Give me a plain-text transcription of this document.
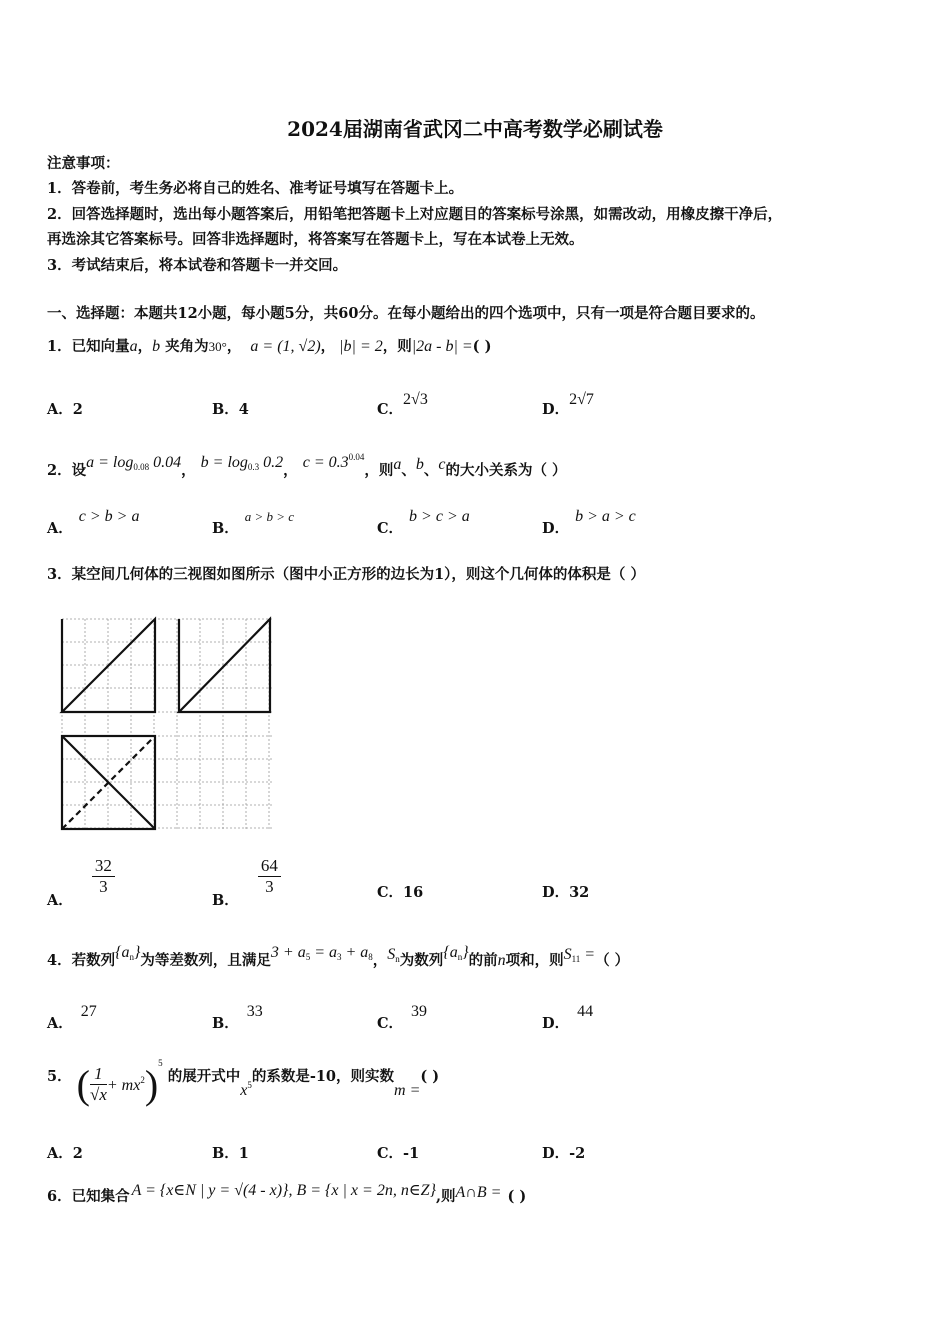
2024届湖南省武冈二中高考数学必刷试卷
注意事项：
1．答卷前，考生务必将自己的姓名、准考证号填写在答题卡上。
2．回答选择题时，选出每小题答案后，用铅笔把答题卡上对应题目的答案标号涂黑，如需改动，用橡皮擦干净后，
再选涂其它答案标号。回答非选择题时，将答案写在答题卡上，写在本试卷上无效。
3．考试结束后，将本试卷和答题卡一并交回。
一、选择题：本题共12小题，每小题5分，共60分。在每小题给出的四个选项中，只有一项是符合题目要求的。
1．已知向量a，b 夹角为30°， a = (1, √2)， |b| = 2，则|2a - b| =( )
A．2	B．4	C．2√3
D．2√7
2．设$a = \log_{0.08} 0.04$， $b = \log_{0.3} 0.2$， $c = 0.3^{0.04}$，则a、b、c的大小关系为（ ）
A．c > b > a
B．a > b > c
C．b > c > a
D．b > a > c
3．某空间几何体的三视图如图所示（图中小正方形的边长为1），则这个几何体的体积是（ ）
A．
$\frac{32}{3}$
B．
$\frac{64}{3}$	C．16	D．32
4．若数列$\{a_n\}$为等差数列，且满足$3 + a_5 = a_3 + a_8$，$S_n$为数列$\{a_n\}$的前n项和，则$S_{11}$ =（ ）
A．27
B．33
C．39
D．44
5． ( $\frac{1}{√x} + mx^2)^5$ 的展开式中$x^5$的系数是-10，则实数m =( )
A．2	B．1	C．-1	D．-2
6．已知集合 A = {x∈N | y = √(4 - x)}, B = {x | x = 2n, n∈Z},则A∩B = ( )
